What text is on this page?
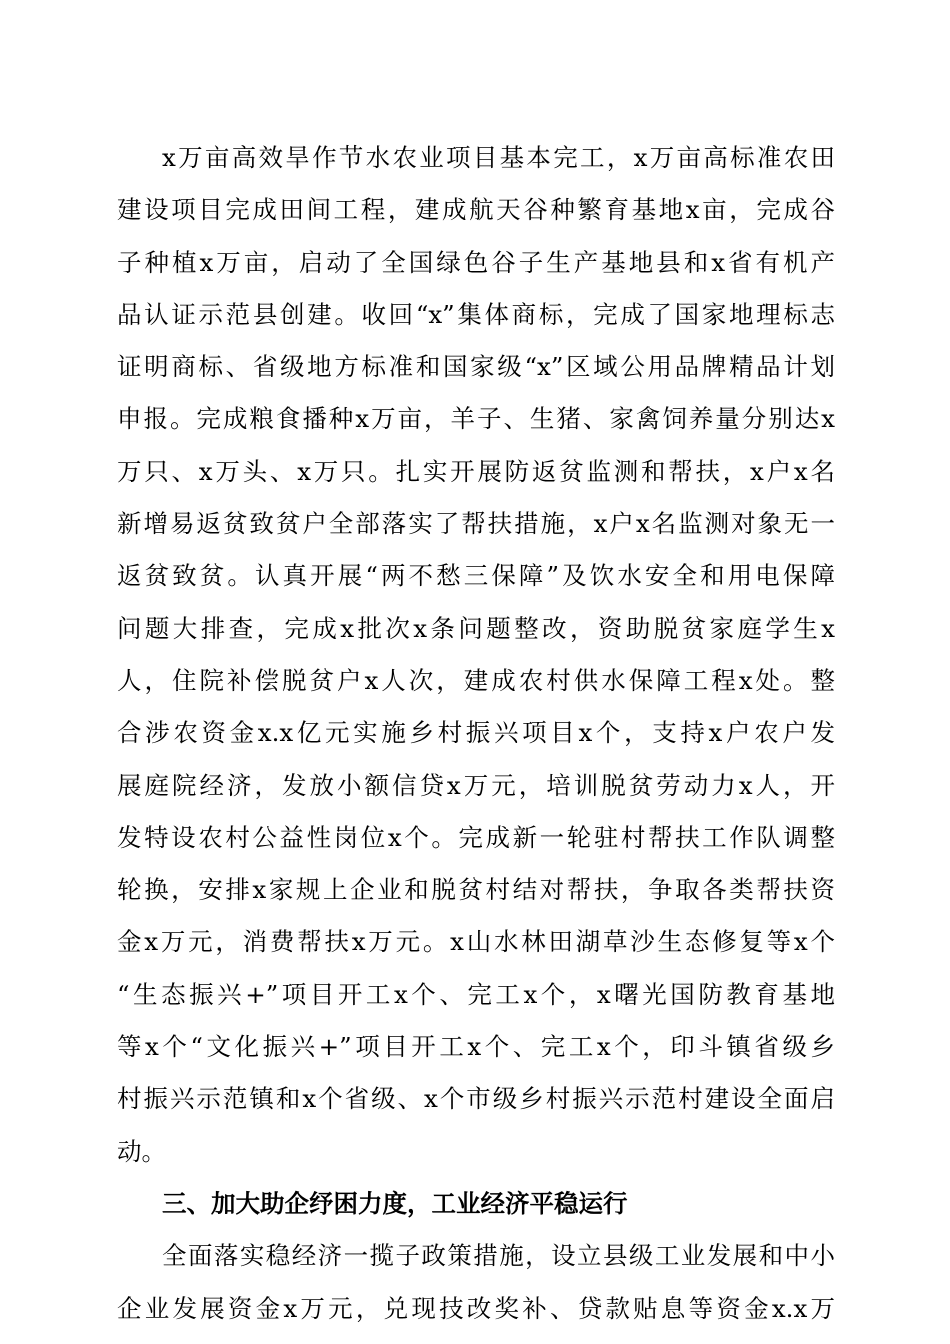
x万亩高效旱作节水农业项目基本完工，x万亩高标准农田
建设项目完成田间工程，建成航天谷种繁育基地x亩，完成谷
子种植x万亩，启动了全国绿色谷子生产基地县和x省有机产
品认证示范县创建。收回“x”集体商标，完成了国家地理标志
证明商标、省级地方标准和国家级“x”区域公用品牌精品计划
申报。完成粮食播种x万亩，羊子、生猪、家禽饲养量分别达x
万只、x万头、x万只。扎实开展防返贫监测和帮扶，x户x名
新增易返贫致贫户全部落实了帮扶措施，x户x名监测对象无一
返贫致贫。认真开展“两不愁三保障”及饮水安全和用电保障
问题大排查，完成x批次x条问题整改，资助脱贫家庭学生x
人，住院补偿脱贫户x人次，建成农村供水保障工程x处。整
合涉农资金x.x亿元实施乡村振兴项目x个，支持x户农户发
展庭院经济，发放小额信贷x万元，培训脱贫劳动力x人，开
发特设农村公益性岗位x个。完成新一轮驻村帮扶工作队调整
轮换，安排x家规上企业和脱贫村结对帮扶，争取各类帮扶资
金x万元，消费帮扶x万元。x山水林田湖草沙生态修复等x个
“生态振兴+”项目开工x个、完工x个，x曙光国防教育基地
等x个“文化振兴+”项目开工x个、完工x个，印斗镇省级乡
村振兴示范镇和x个省级、x个市级乡村振兴示范村建设全面启
动。
三、加大助企纾困力度，工业经济平稳运行
全面落实稳经济一揽子政策措施，设立县级工业发展和中小
企业发展资金x万元，兑现技改奖补、贷款贴息等资金x.x万
